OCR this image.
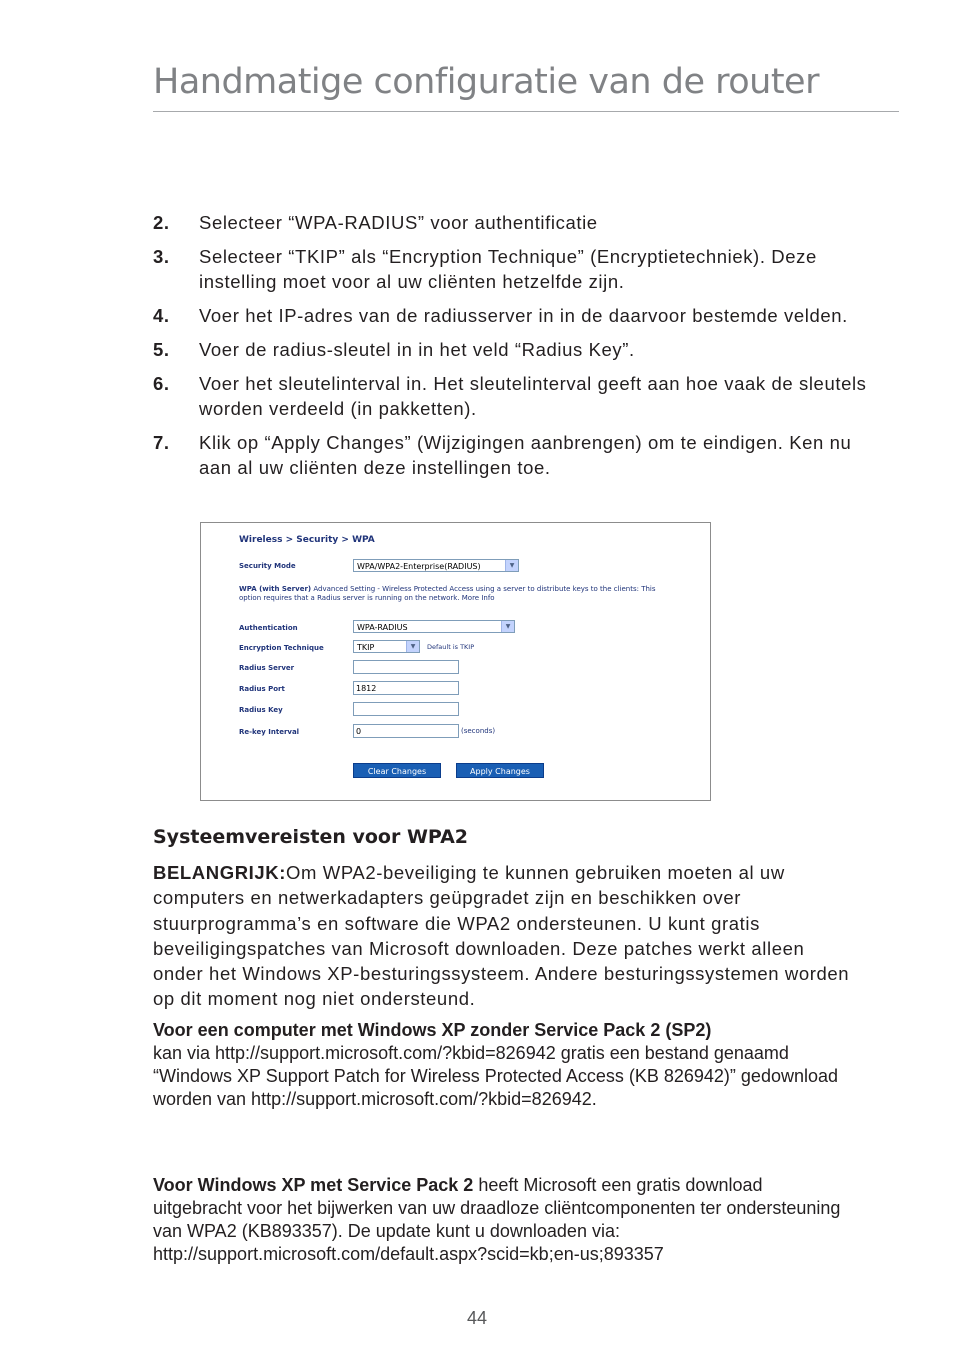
Handmatige configuratie van de router
2.	Selecteer “WPA-RADIUS” voor authentificatie
3.	Selecteer “TKIP” als “Encryption Technique” (Encryptietechniek). Deze instelling moet voor al uw cliënten hetzelfde zijn.
4.	Voer het IP-adres van de radiusserver in in de daarvoor bestemde velden.
5.	Voer de radius-sleutel in in het veld “Radius Key”.
6.	Voer het sleutelinterval in. Het sleutelinterval geeft aan hoe vaak de sleutels worden verdeeld (in pakketten).
7.	Klik op “Apply Changes” (Wijzigingen aanbrengen) om te eindigen. Ken nu aan al uw cliënten deze instellingen toe.
Wireless > Security > WPA
Security Mode	WPA/WPA2-Enterprise(RADIUS)	▼
WPA (with Server) Advanced Setting - Wireless Protected Access using a server to distribute keys to the clients: This option requires that a Radius server is running on the network. More Info
Authentication	WPA-RADIUS	▼
Encryption Technique	TKIP	▼	Default is TKIP
Radius Server
Radius Port	1812
Radius Key
Re-key Interval	0	(seconds)
Clear Changes	Apply Changes
Systeemvereisten voor WPA2

BELANGRIJK:Om WPA2-beveiliging te kunnen gebruiken moeten al uw computers en netwerkadapters geüpgradet zijn en beschikken over stuurprogramma’s en software die WPA2 ondersteunen. U kunt gratis beveiligingspatches van Microsoft downloaden. Deze patches werkt alleen onder het Windows XP-besturingssysteem. Andere besturingssystemen worden op dit moment nog niet ondersteund.

Voor een computer met Windows XP zonder Service Pack 2 (SP2)
kan via http://support.microsoft.com/?kbid=826942 gratis een bestand genaamd “Windows XP Support Patch for Wireless Protected Access (KB 826942)” gedownload worden van http://support.microsoft.com/?kbid=826942.

Voor Windows XP met Service Pack 2 heeft Microsoft een gratis download uitgebracht voor het bijwerken van uw draadloze cliëntcomponenten ter ondersteuning van WPA2 (KB893357). De update kunt u downloaden via: http://support.microsoft.com/default.aspx?scid=kb;en-us;893357

44
